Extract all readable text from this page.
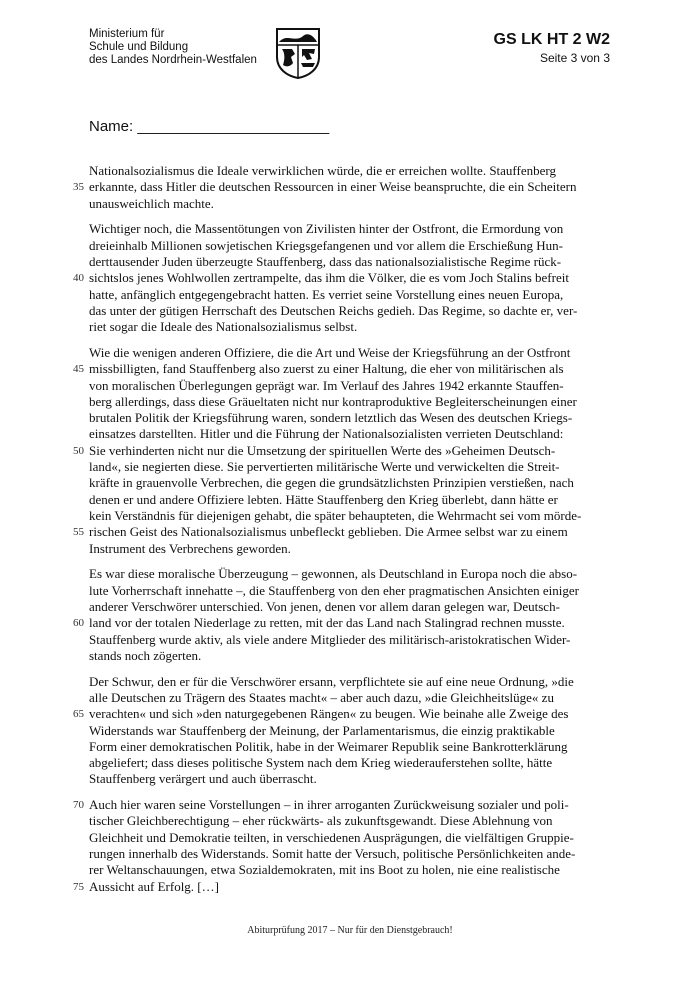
Ministerium für
Schule und Bildung
des Landes Nordrhein-Westfalen
GS LK HT 2 W2
Seite 3 von 3
Name: _______________________
Nationalsozialismus die Ideale verwirklichen würde, die er erreichen wollte. Stauffenberg
35 erkannte, dass Hitler die deutschen Ressourcen in einer Weise beanspruchte, die ein Scheitern
unausweichlich machte.
Wichtiger noch, die Massentötungen von Zivilisten hinter der Ostfront, die Ermordung von
dreieinhalb Millionen sowjetischen Kriegsgefangenen und vor allem die Erschießung Hun-
derttausender Juden überzeugte Stauffenberg, dass das nationalsozialistische Regime rück-
40 sichtslos jenes Wohlwollen zertrampelte, das ihm die Völker, die es vom Joch Stalins befreit
hatte, anfänglich entgegengebracht hatten. Es verriet seine Vorstellung eines neuen Europa,
das unter der gütigen Herrschaft des Deutschen Reichs gedieh. Das Regime, so dachte er, ver-
riet sogar die Ideale des Nationalsozialismus selbst.
Wie die wenigen anderen Offiziere, die die Art und Weise der Kriegsführung an der Ostfront
45 missbilligten, fand Stauffenberg also zuerst zu einer Haltung, die eher von militärischen als
von moralischen Überlegungen geprägt war. Im Verlauf des Jahres 1942 erkannte Stauffen-
berg allerdings, dass diese Gräueltaten nicht nur kontraproduktive Begleiterscheinungen einer
brutalen Politik der Kriegsführung waren, sondern letztlich das Wesen des deutschen Kriegs-
einsatzes darstellten. Hitler und die Führung der Nationalsozialisten verrieten Deutschland:
50 Sie verhinderten nicht nur die Umsetzung der spirituellen Werte des »Geheimen Deutsch-
land«, sie negierten diese. Sie pervertierten militärische Werte und verwickelten die Streit-
kräfte in grauenvolle Verbrechen, die gegen die grundsätzlichsten Prinzipien verstießen, nach
denen er und andere Offiziere lebten. Hätte Stauffenberg den Krieg überlebt, dann hätte er
kein Verständnis für diejenigen gehabt, die später behaupteten, die Wehrmacht sei vom mörde-
55 rischen Geist des Nationalsozialismus unbefleckt geblieben. Die Armee selbst war zu einem
Instrument des Verbrechens geworden.
Es war diese moralische Überzeugung – gewonnen, als Deutschland in Europa noch die abso-
lute Vorherrschaft innehatte –, die Stauffenberg von den eher pragmatischen Ansichten einiger
anderer Verschwörer unterschied. Von jenen, denen vor allem daran gelegen war, Deutsch-
60 land vor der totalen Niederlage zu retten, mit der das Land nach Stalingrad rechnen musste.
Stauffenberg wurde aktiv, als viele andere Mitglieder des militärisch-aristokratischen Wider-
stands noch zögerten.
Der Schwur, den er für die Verschwörer ersann, verpflichtete sie auf eine neue Ordnung, »die
alle Deutschen zu Trägern des Staates macht« – aber auch dazu, »die Gleichheitslüge« zu
65 verachten« und sich »den naturgegebenen Rängen« zu beugen. Wie beinahe alle Zweige des
Widerstands war Stauffenberg der Meinung, der Parlamentarismus, die einzig praktikable
Form einer demokratischen Politik, habe in der Weimarer Republik seine Bankrotterklärung
abgeliefert; dass dieses politische System nach dem Krieg wiederauferstehen sollte, hätte
Stauffenberg verärgert und auch überrascht.
70 Auch hier waren seine Vorstellungen – in ihrer arroganten Zurückweisung sozialer und poli-
tischer Gleichberechtigung – eher rückwärts- als zukunftsgewandt. Diese Ablehnung von
Gleichheit und Demokratie teilten, in verschiedenen Ausprägungen, die vielfältigen Gruppie-
rungen innerhalb des Widerstands. Somit hatte der Versuch, politische Persönlichkeiten ande-
rer Weltanschauungen, etwa Sozialdemokraten, mit ins Boot zu holen, nie eine realistische
75 Aussicht auf Erfolg. […]
Abiturprüfung 2017 – Nur für den Dienstgebrauch!
